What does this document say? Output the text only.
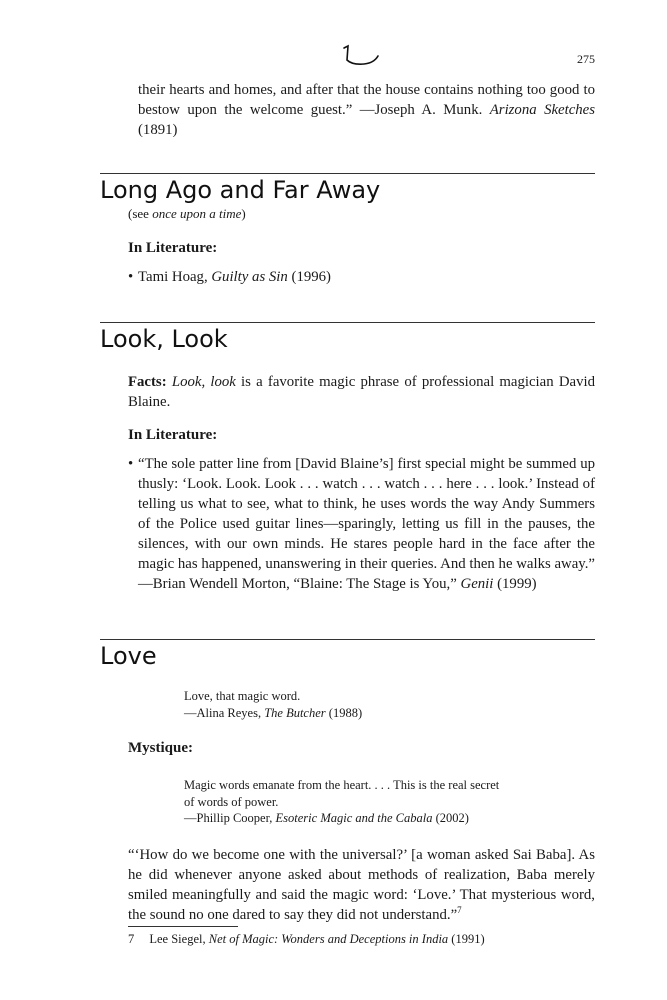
275
their hearts and homes, and after that the house contains nothing too good to bestow upon the welcome guest.” —Joseph A. Munk. Arizona Sketches (1891)
Long Ago and Far Away
(see once upon a time)
In Literature:
• Tami Hoag, Guilty as Sin (1996)
Look, Look
Facts: Look, look is a favorite magic phrase of professional magician David Blaine.
In Literature:
• “The sole patter line from [David Blaine’s] first special might be summed up thusly: ‘Look. Look. Look . . . watch . . . watch . . . here . . . look.’ Instead of telling us what to see, what to think, he uses words the way Andy Summers of the Police used guitar lines—sparingly, letting us fill in the pauses, the silences, with our own minds. He stares people hard in the face after the magic has happened, unanswering in their queries. And then he walks away.” —Brian Wendell Morton, “Blaine: The Stage is You,” Genii (1999)
Love
Love, that magic word.
—Alina Reyes, The Butcher (1988)
Mystique:
Magic words emanate from the heart. . . . This is the real secret
of words of power.
—Phillip Cooper, Esoteric Magic and the Cabala (2002)
“‘How do we become one with the universal?’ [a woman asked Sai Baba]. As he did whenever anyone asked about methods of realization, Baba merely smiled meaningfully and said the magic word: ‘Love.’ That mysterious word, the sound no one dared to say they did not understand.”$^7$
7 Lee Siegel, Net of Magic: Wonders and Deceptions in India (1991)
